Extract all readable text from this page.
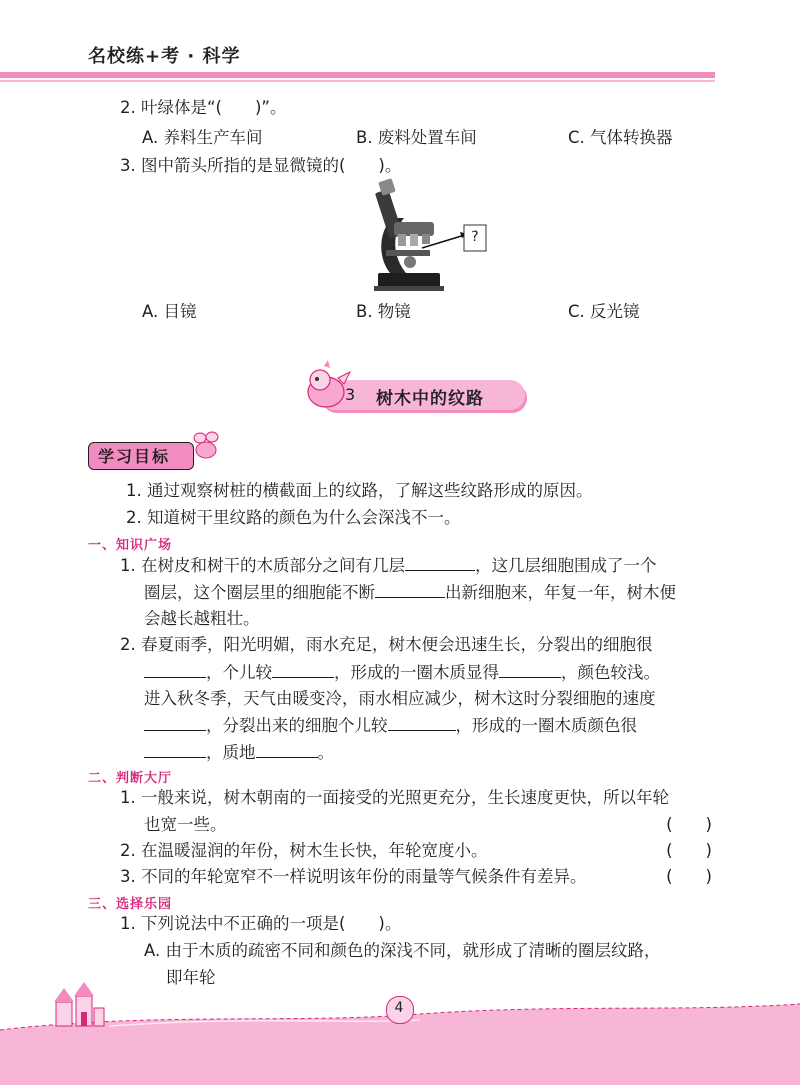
名校练+考 · 科学
2. 叶绿体是“(　　)”。
A. 养料生产车间	B. 废料处置车间	C. 气体转换器
3. 图中箭头所指的是显微镜的(　　)。
?
A. 目镜	B. 物镜	C. 反光镜
3 树木中的纹路
学习目标
1. 通过观察树桩的横截面上的纹路，了解这些纹路形成的原因。
2. 知道树干里纹路的颜色为什么会深浅不一。
一、知识广场
1. 在树皮和树干的木质部分之间有几层	，这几层细胞围成了一个
圈层，这个圈层里的细胞能不断	出新细胞来，年复一年，树木便
会越长越粗壮。
2. 春夏雨季，阳光明媚，雨水充足，树木便会迅速生长，分裂出的细胞很
，个儿较	，形成的一圈木质显得	，颜色较浅。
进入秋冬季，天气由暖变冷，雨水相应减少，树木这时分裂细胞的速度
，分裂出来的细胞个儿较	，形成的一圈木质颜色很
，质地	。
二、判断大厅
1. 一般来说，树木朝南的一面接受的光照更充分，生长速度更快，所以年轮
也宽一些。	(　　)
2. 在温暖湿润的年份，树木生长快，年轮宽度小。	(　　)
3. 不同的年轮宽窄不一样说明该年份的雨量等气候条件有差异。	(　　)
三、选择乐园
1. 下列说法中不正确的一项是(　　)。
A. 由于木质的疏密不同和颜色的深浅不同，就形成了清晰的圈层纹路，
即年轮
4
